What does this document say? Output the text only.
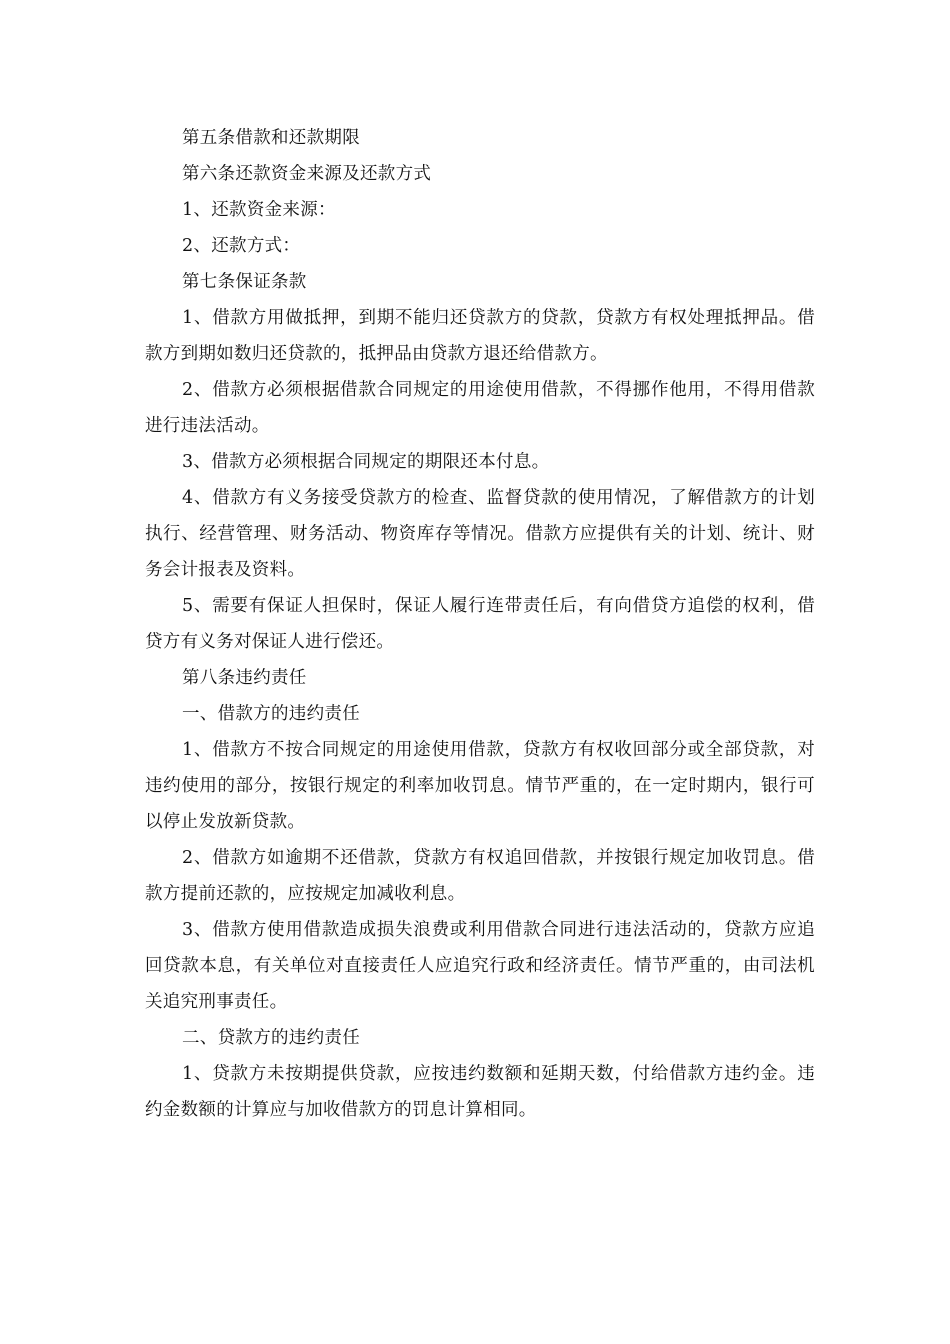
第五条借款和还款期限

第六条还款资金来源及还款方式

1、还款资金来源：

2、还款方式：

第七条保证条款

1、借款方用做抵押，到期不能归还贷款方的贷款，贷款方有权处理抵押品。借款方到期如数归还贷款的，抵押品由贷款方退还给借款方。

2、借款方必须根据借款合同规定的用途使用借款，不得挪作他用，不得用借款进行违法活动。

3、借款方必须根据合同规定的期限还本付息。

4、借款方有义务接受贷款方的检查、监督贷款的使用情况，了解借款方的计划执行、经营管理、财务活动、物资库存等情况。借款方应提供有关的计划、统计、财务会计报表及资料。

5、需要有保证人担保时，保证人履行连带责任后，有向借贷方追偿的权利，借贷方有义务对保证人进行偿还。

第八条违约责任

一、借款方的违约责任

1、借款方不按合同规定的用途使用借款，贷款方有权收回部分或全部贷款，对违约使用的部分，按银行规定的利率加收罚息。情节严重的，在一定时期内，银行可以停止发放新贷款。

2、借款方如逾期不还借款，贷款方有权追回借款，并按银行规定加收罚息。借款方提前还款的，应按规定加减收利息。

3、借款方使用借款造成损失浪费或利用借款合同进行违法活动的，贷款方应追回贷款本息，有关单位对直接责任人应追究行政和经济责任。情节严重的，由司法机关追究刑事责任。

二、贷款方的违约责任

1、贷款方未按期提供贷款，应按违约数额和延期天数，付给借款方违约金。违约金数额的计算应与加收借款方的罚息计算相同。
